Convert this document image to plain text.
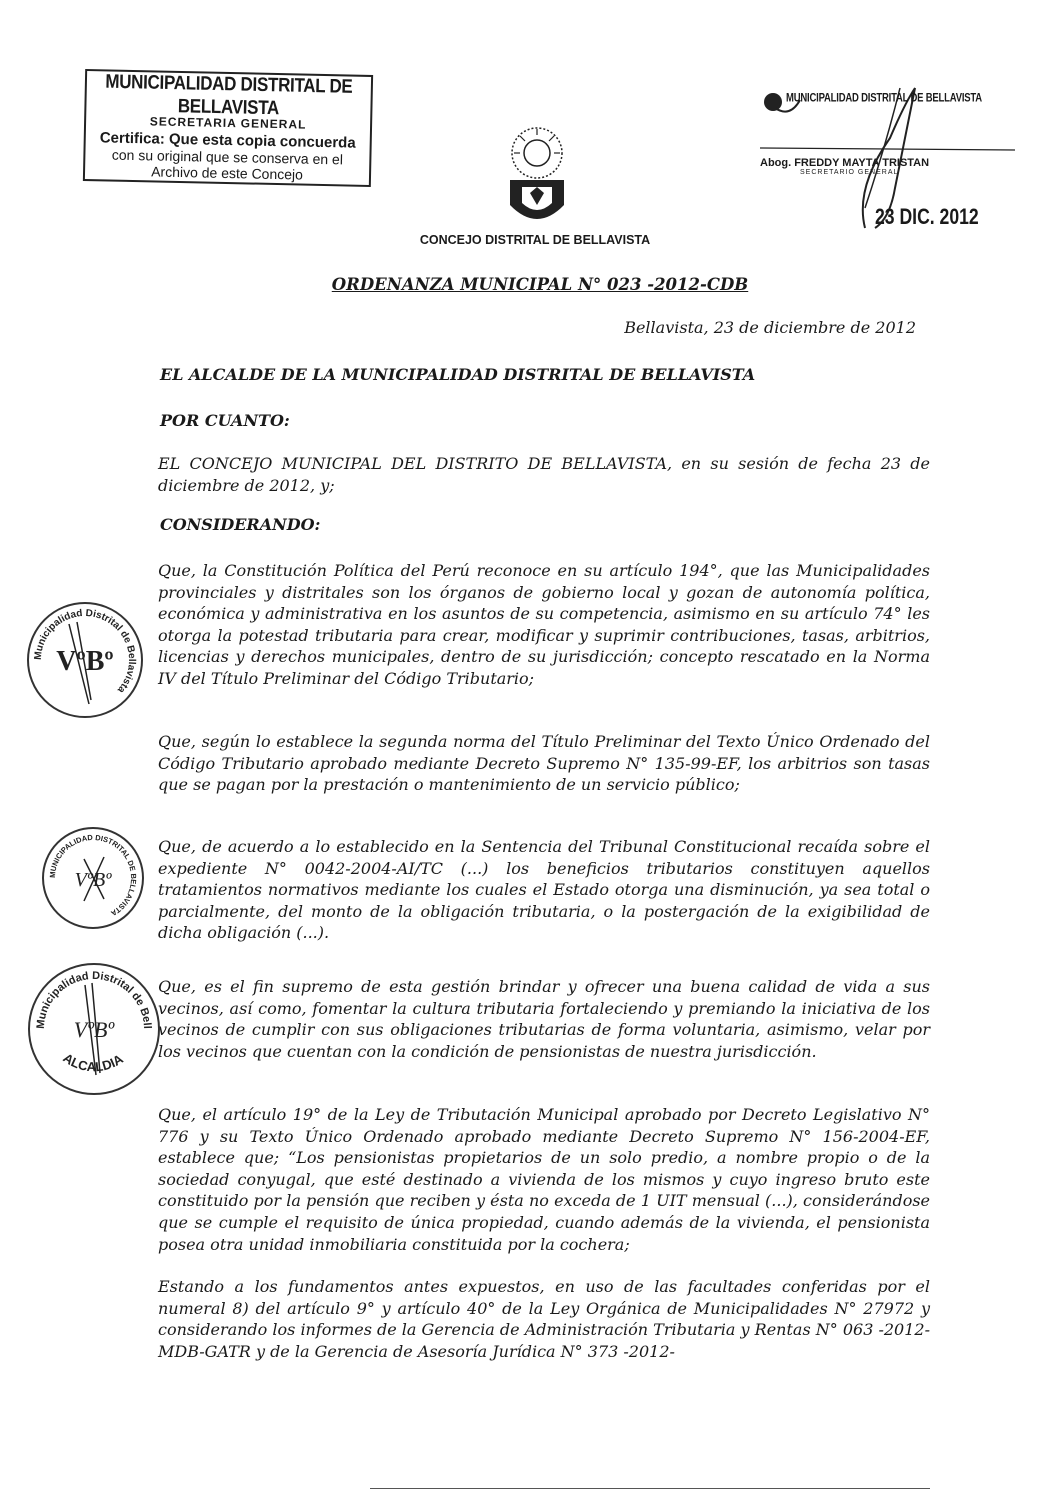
MUNICIPALIDAD DISTRITAL DE BELLAVISTA
SECRETARIA GENERAL
Certifica: Que esta copia concuerda
con su original que se conserva en el
Archivo de este Concejo
CONCEJO DISTRITAL DE BELLAVISTA
MUNICIPALIDAD DISTRITAL DE BELLAVISTA
Abog. FREDDY MAYTA TRISTAN
SECRETARIO GENERAL
23 DIC. 2012
ORDENANZA MUNICIPAL N° 023 -2012-CDB
Bellavista, 23 de diciembre de 2012
EL ALCALDE DE LA MUNICIPALIDAD DISTRITAL DE BELLAVISTA
POR CUANTO:
EL CONCEJO MUNICIPAL DEL DISTRITO DE BELLAVISTA, en su sesión de fecha 23 de diciembre de 2012, y;
CONSIDERANDO:
Que, la Constitución Política del Perú reconoce en su artículo 194°, que las Municipalidades provinciales y distritales son los órganos de gobierno local y gozan de autonomía política, económica y administrativa en los asuntos de su competencia, asimismo en su artículo 74° les otorga la potestad tributaria para crear, modificar y suprimir contribuciones, tasas, arbitrios, licencias y derechos municipales, dentro de su jurisdicción; concepto rescatado en la Norma IV del Título Preliminar del Código Tributario;
Que, según lo establece la segunda norma del Título Preliminar del Texto Único Ordenado del Código Tributario aprobado mediante Decreto Supremo N° 135-99-EF, los arbitrios son tasas que se pagan por la prestación o mantenimiento de un servicio público;
Que, de acuerdo a lo establecido en la Sentencia del Tribunal Constitucional recaída sobre el expediente N° 0042-2004-AI/TC (...) los beneficios tributarios constituyen aquellos tratamientos normativos mediante los cuales el Estado otorga una disminución, ya sea total o parcialmente, del monto de la obligación tributaria, o la postergación de la exigibilidad de dicha obligación (...).
Que, es el fin supremo de esta gestión brindar y ofrecer una buena calidad de vida a sus vecinos, así como, fomentar la cultura tributaria fortaleciendo y premiando la iniciativa de los vecinos de cumplir con sus obligaciones tributarias de forma voluntaria, asimismo, velar por los vecinos que cuentan con la condición de pensionistas de nuestra jurisdicción.
Que, el artículo 19° de la Ley de Tributación Municipal aprobado por Decreto Legislativo N° 776 y su Texto Único Ordenado aprobado mediante Decreto Supremo N° 156-2004-EF, establece que; “Los pensionistas propietarios de un solo predio, a nombre propio o de la sociedad conyugal, que esté destinado a vivienda de los mismos y cuyo ingreso bruto este constituido por la pensión que reciben y ésta no exceda de 1 UIT mensual (...), considerándose que se cumple el requisito de única propiedad, cuando además de la vivienda, el pensionista posea otra unidad inmobiliaria constituida por la cochera;
Estando a los fundamentos antes expuestos, en uso de las facultades conferidas por el numeral 8) del artículo 9° y artículo 40° de la Ley Orgánica de Municipalidades N° 27972 y considerando los informes de la Gerencia de Administración Tributaria y Rentas N° 063 -2012-MDB-GATR y de la Gerencia de Asesoría Jurídica N° 373 -2012-
Municipalidad Distrital de Bellavista
VºBº
MUNICIPALIDAD DISTRITAL DE BELLAVISTA
VºBº
Municipalidad Distrital de Bell
ALCALDIA
VºBº
